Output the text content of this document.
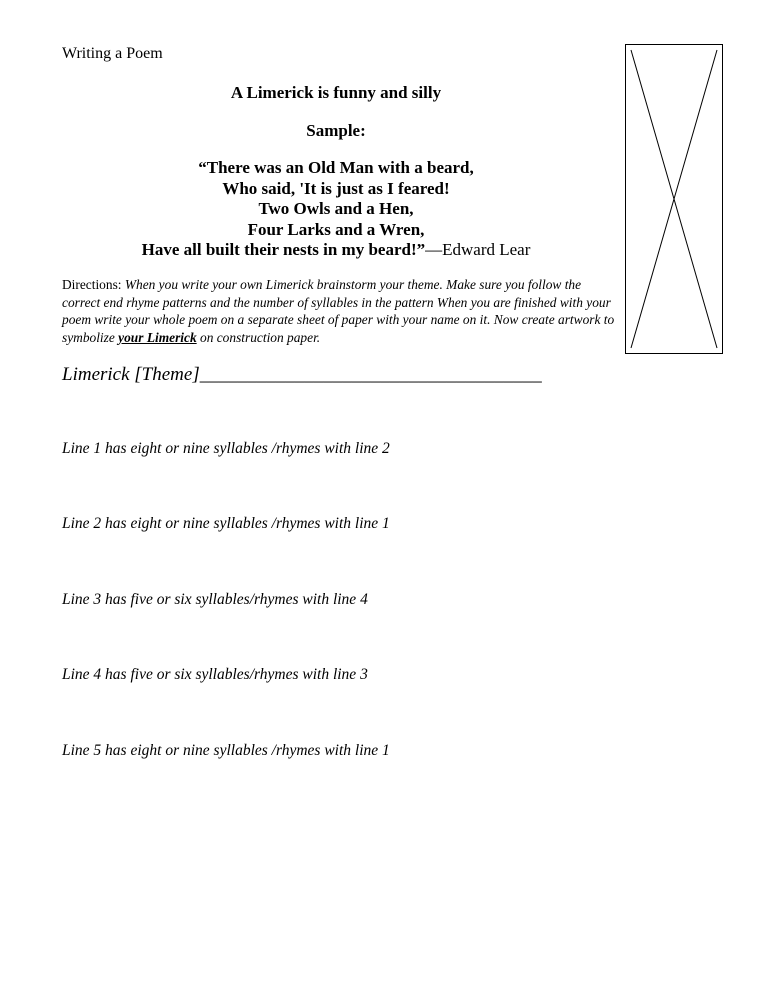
Writing a Poem
A Limerick is funny and silly
Sample:
“There was an Old Man with a beard,
Who said, 'It is just as I feared!
Two Owls and a Hen,
Four Larks and a Wren,
Have all built their nests in my beard!”—Edward Lear
Directions: When you write your own Limerick brainstorm your theme. Make sure you follow the correct end rhyme patterns and the number of syllables in the pattern When you are finished with your poem write your whole poem on a separate sheet of paper with your name on it. Now create artwork to symbolize your Limerick on construction paper.
Limerick [Theme]____________________________________
Line 1 has eight or nine syllables /rhymes with line 2
Line 2 has eight or nine syllables /rhymes with line 1
Line 3 has five or six syllables/rhymes with line 4
Line 4 has five or six syllables/rhymes with line 3
Line 5 has eight or nine syllables /rhymes with line 1
